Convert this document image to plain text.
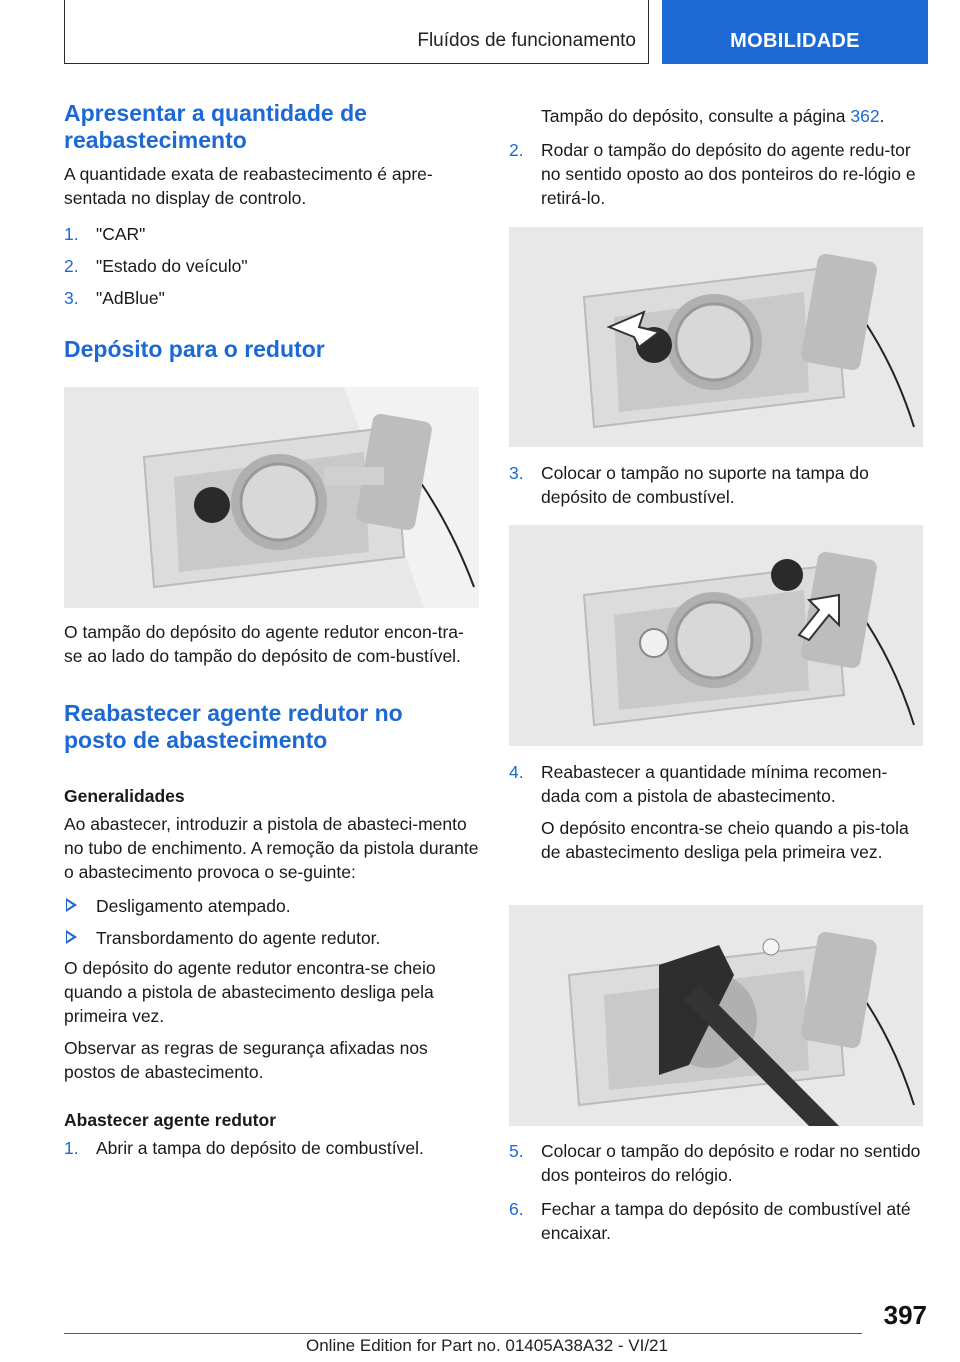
Fluídos de funcionamento	MOBILIDADE
Apresentar a quantidade de reabastecimento

A quantidade exata de reabastecimento é apre-sentada no display de controlo.

1. "CAR"
2. "Estado do veículo"
3. "AdBlue"
Depósito para o redutor

O tampão do depósito do agente redutor encon-tra-se ao lado do tampão do depósito de com-bustível.

Reabastecer agente redutor no posto de abastecimento
Generalidades

Ao abastecer, introduzir a pistola de abasteci-mento no tubo de enchimento. A remoção da pistola durante o abastecimento provoca o se-guinte:

Desligamento atempado.
Transbordamento do agente redutor.

O depósito do agente redutor encontra-se cheio quando a pistola de abastecimento desliga pela primeira vez.

Observar as regras de segurança afixadas nos postos de abastecimento.

Abastecer agente redutor
1. Abrir a tampa do depósito de combustível.
Tampão do depósito, consulte a página 362.
2. Rodar o tampão do depósito do agente redu-tor no sentido oposto ao dos ponteiros do re-lógio e retirá-lo.
3. Colocar o tampão no suporte na tampa do depósito de combustível.
4. Reabastecer a quantidade mínima recomen-dada com a pistola de abastecimento.

O depósito encontra-se cheio quando a pis-tola de abastecimento desliga pela primeira vez.

5. Colocar o tampão do depósito e rodar no sentido dos ponteiros do relógio.
6. Fechar a tampa do depósito de combustível até encaixar.
397
Online Edition for Part no. 01405A38A32 - VI/21
